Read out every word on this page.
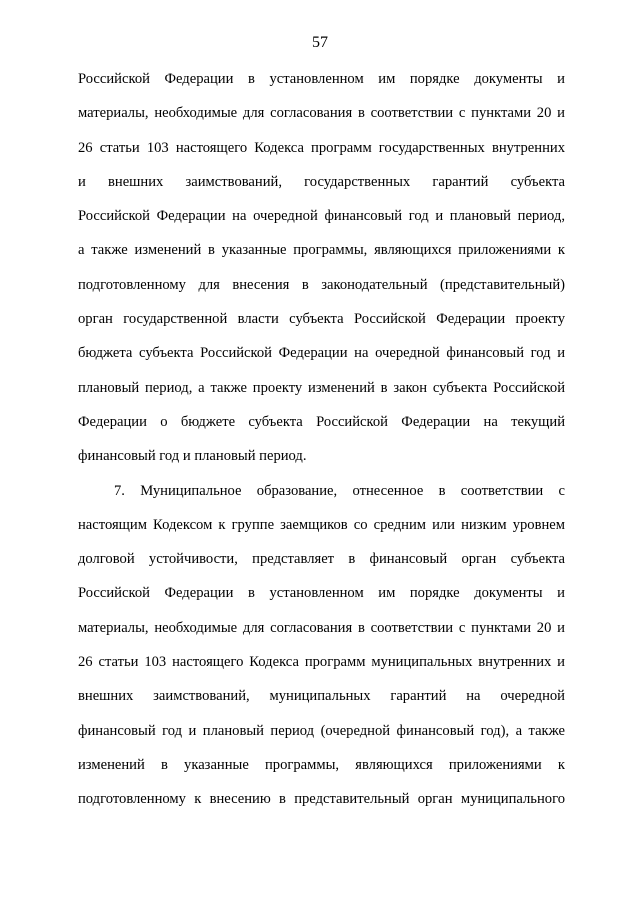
57
Российской Федерации в установленном им порядке документы и
материалы, необходимые для согласования в соответствии с пунктами 20 и
26 статьи 103 настоящего Кодекса программ государственных внутренних
и внешних заимствований, государственных гарантий субъекта
Российской Федерации на очередной финансовый год и плановый период,
а также изменений в указанные программы, являющихся приложениями к
подготовленному для внесения в законодательный (представительный)
орган государственной власти субъекта Российской Федерации проекту
бюджета субъекта Российской Федерации на очередной финансовый год и
плановый период, а также проекту изменений в закон субъекта Российской
Федерации о бюджете субъекта Российской Федерации на текущий
финансовый год и плановый период.
7. Муниципальное образование, отнесенное в соответствии с
настоящим Кодексом к группе заемщиков со средним или низким уровнем
долговой устойчивости, представляет в финансовый орган субъекта
Российской Федерации в установленном им порядке документы и
материалы, необходимые для согласования в соответствии с пунктами 20 и
26 статьи 103 настоящего Кодекса программ муниципальных внутренних и
внешних заимствований, муниципальных гарантий на очередной
финансовый год и плановый период (очередной финансовый год), а также
изменений в указанные программы, являющихся приложениями к
подготовленному к внесению в представительный орган муниципального
